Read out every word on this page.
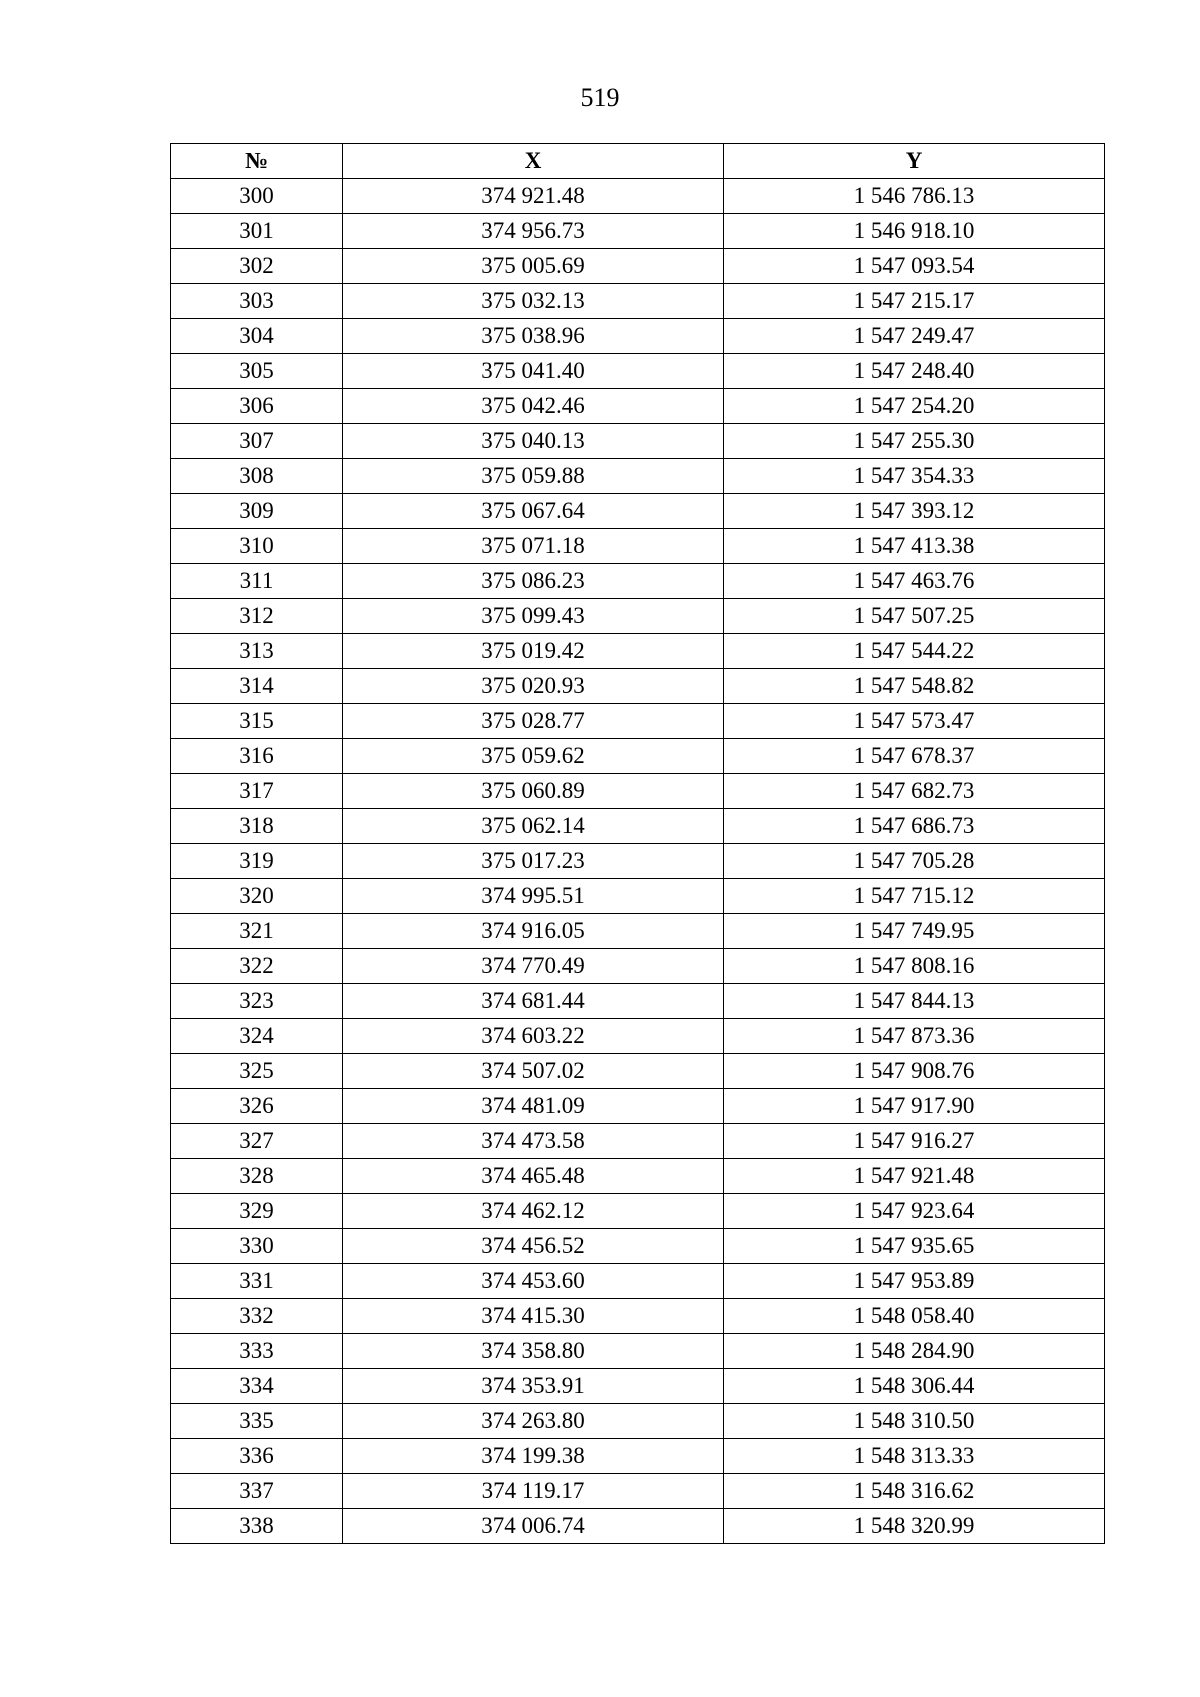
519
№	X	Y
300	374 921.48	1 546 786.13
301	374 956.73	1 546 918.10
302	375 005.69	1 547 093.54
303	375 032.13	1 547 215.17
304	375 038.96	1 547 249.47
305	375 041.40	1 547 248.40
306	375 042.46	1 547 254.20
307	375 040.13	1 547 255.30
308	375 059.88	1 547 354.33
309	375 067.64	1 547 393.12
310	375 071.18	1 547 413.38
311	375 086.23	1 547 463.76
312	375 099.43	1 547 507.25
313	375 019.42	1 547 544.22
314	375 020.93	1 547 548.82
315	375 028.77	1 547 573.47
316	375 059.62	1 547 678.37
317	375 060.89	1 547 682.73
318	375 062.14	1 547 686.73
319	375 017.23	1 547 705.28
320	374 995.51	1 547 715.12
321	374 916.05	1 547 749.95
322	374 770.49	1 547 808.16
323	374 681.44	1 547 844.13
324	374 603.22	1 547 873.36
325	374 507.02	1 547 908.76
326	374 481.09	1 547 917.90
327	374 473.58	1 547 916.27
328	374 465.48	1 547 921.48
329	374 462.12	1 547 923.64
330	374 456.52	1 547 935.65
331	374 453.60	1 547 953.89
332	374 415.30	1 548 058.40
333	374 358.80	1 548 284.90
334	374 353.91	1 548 306.44
335	374 263.80	1 548 310.50
336	374 199.38	1 548 313.33
337	374 119.17	1 548 316.62
338	374 006.74	1 548 320.99
